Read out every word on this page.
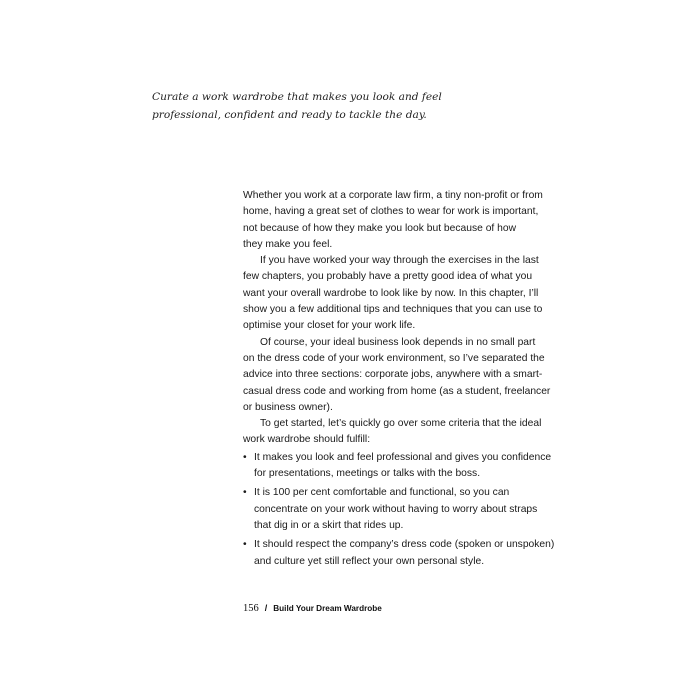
Curate a work wardrobe that makes you look and feel
professional, confident and ready to tackle the day.
Whether you work at a corporate law firm, a tiny non-profit or from
home, having a great set of clothes to wear for work is important,
not because of how they make you look but because of how
they make you feel.
If you have worked your way through the exercises in the last
few chapters, you probably have a pretty good idea of what you
want your overall wardrobe to look like by now. In this chapter, I’ll
show you a few additional tips and techniques that you can use to
optimise your closet for your work life.
Of course, your ideal business look depends in no small part
on the dress code of your work environment, so I’ve separated the
advice into three sections: corporate jobs, anywhere with a smart-
casual dress code and working from home (as a student, freelancer
or business owner).
To get started, let’s quickly go over some criteria that the ideal
work wardrobe should fulfill:
• It makes you look and feel professional and gives you confidence
for presentations, meetings or talks with the boss.
• It is 100 per cent comfortable and functional, so you can
concentrate on your work without having to worry about straps
that dig in or a skirt that rides up.
• It should respect the company’s dress code (spoken or unspoken)
and culture yet still reflect your own personal style.
156 / Build Your Dream Wardrobe
